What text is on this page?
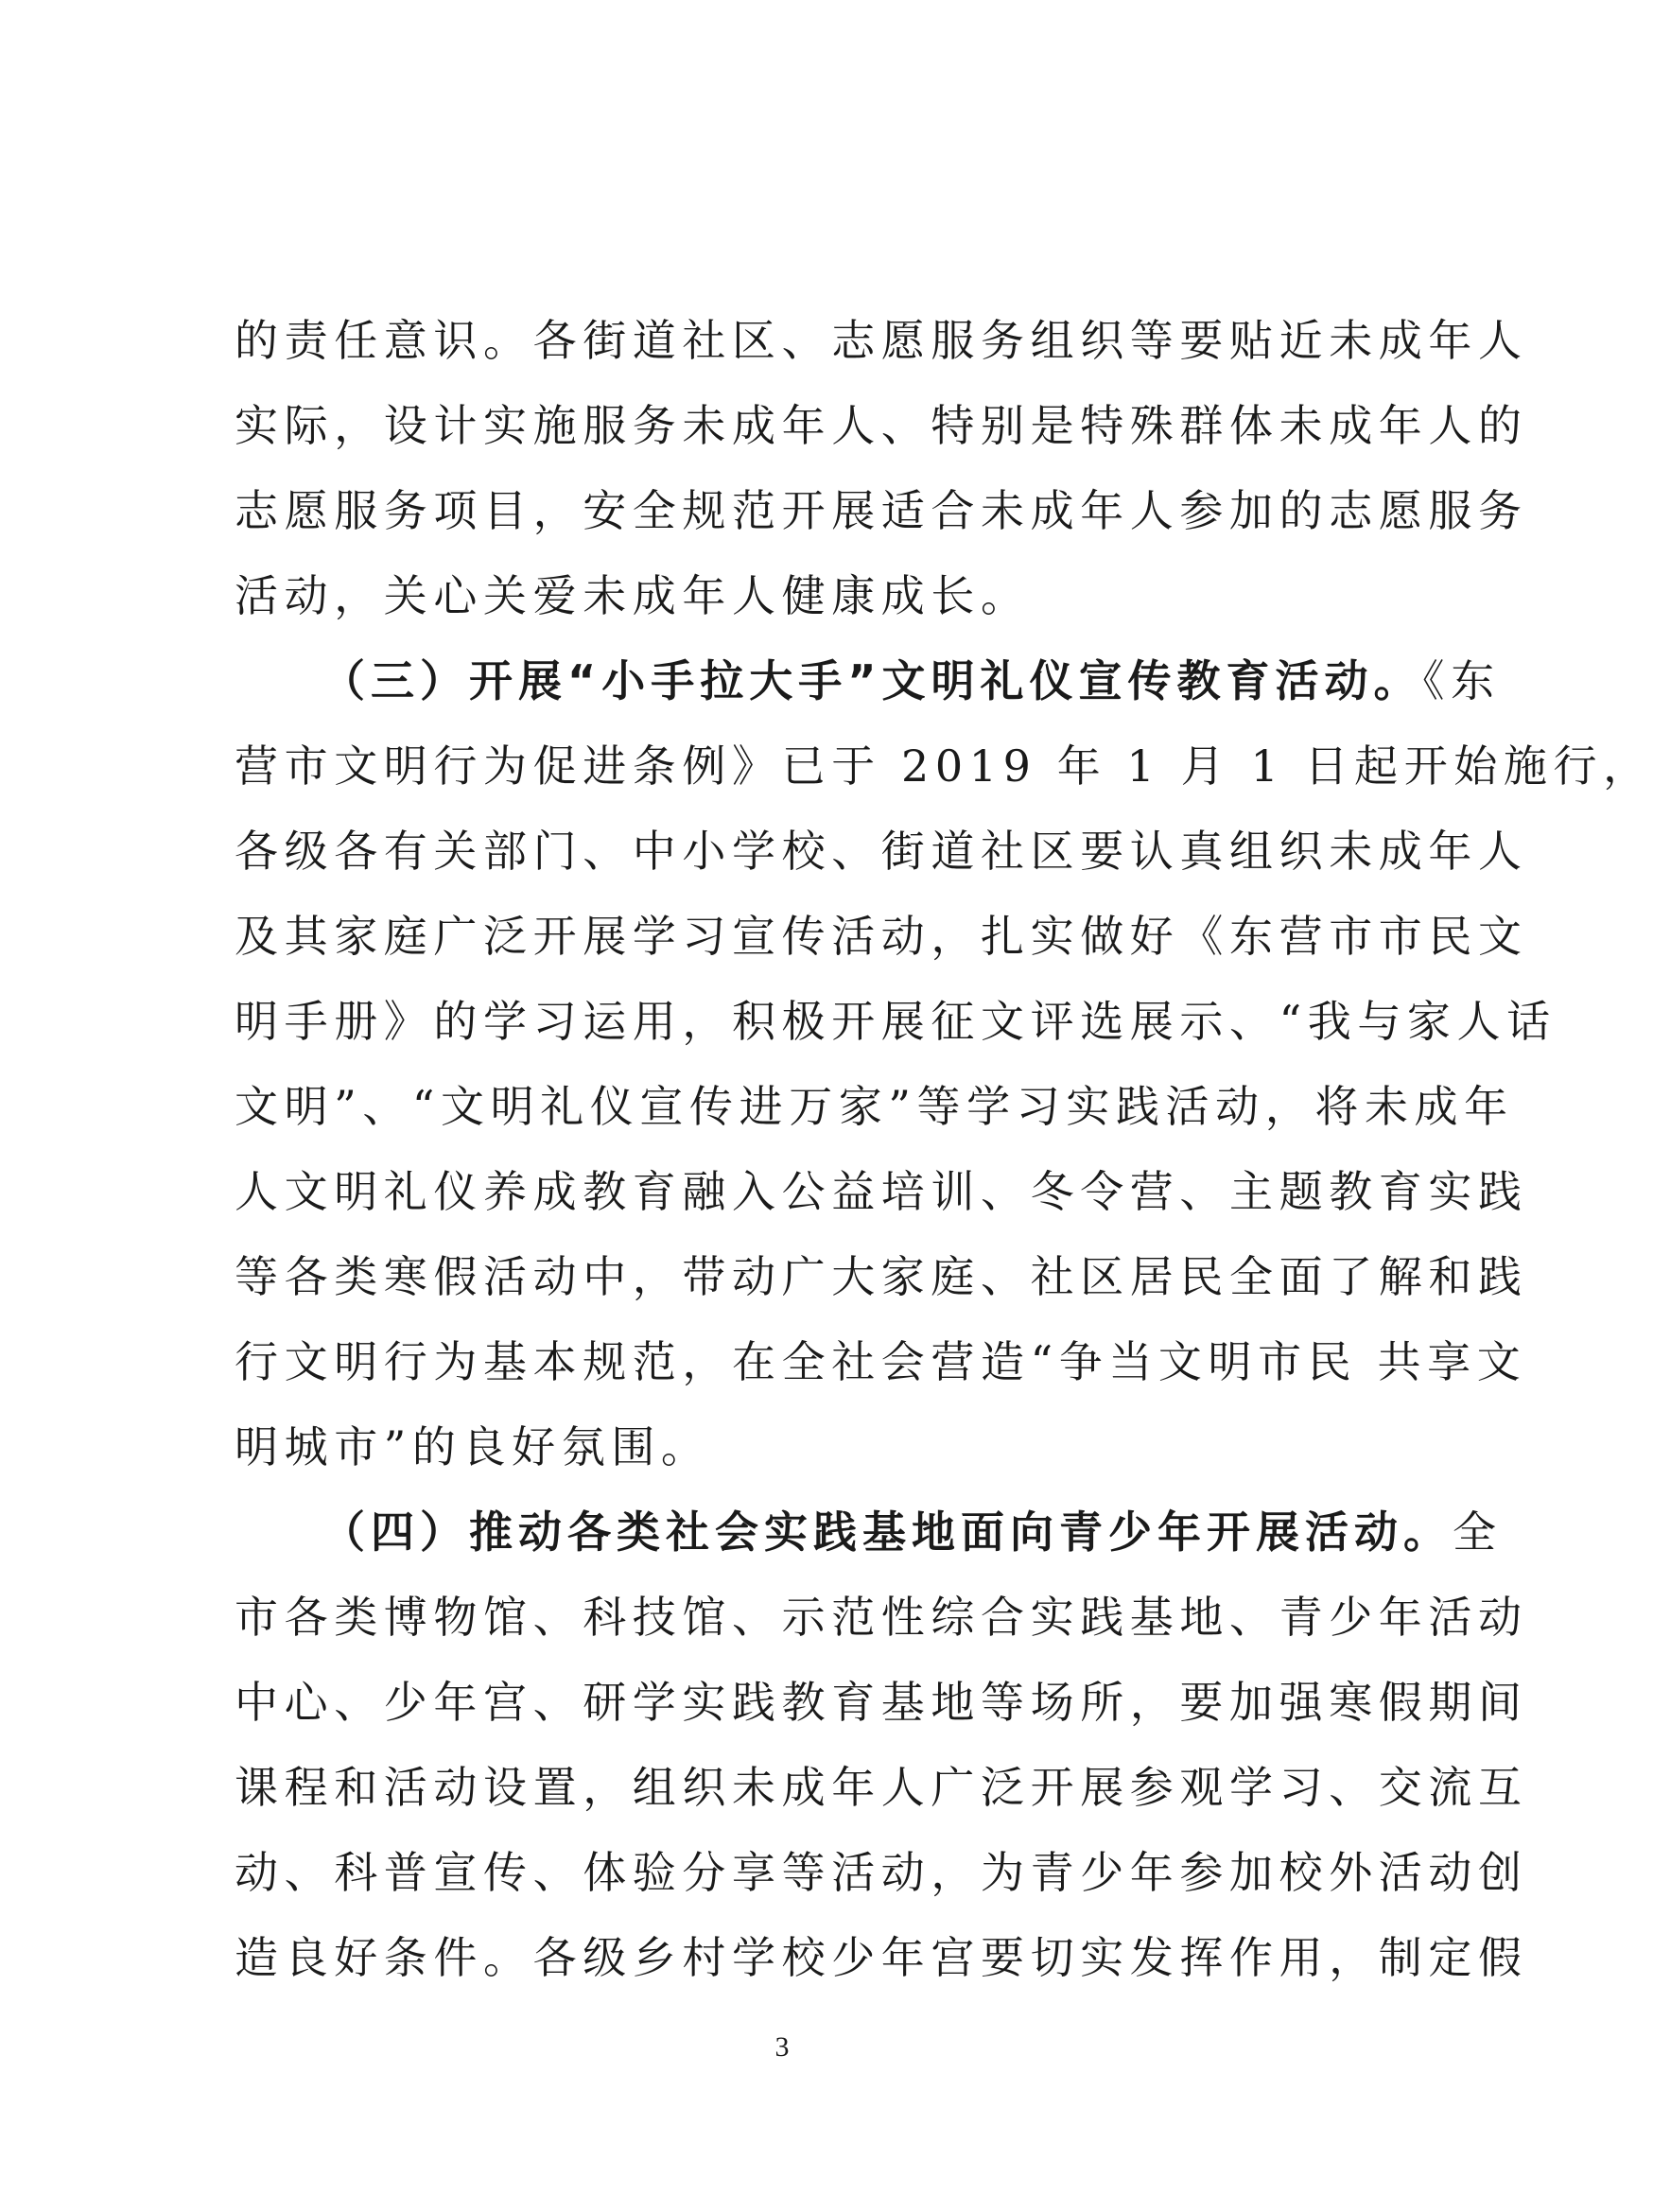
的责任意识。各街道社区、志愿服务组织等要贴近未成年人
实际，设计实施服务未成年人、特别是特殊群体未成年人的
志愿服务项目，安全规范开展适合未成年人参加的志愿服务
活动，关心关爱未成年人健康成长。
（三）开展“小手拉大手”文明礼仪宣传教育活动。《东
营市文明行为促进条例》已于 2019 年 1 月 1 日起开始施行，
各级各有关部门、中小学校、街道社区要认真组织未成年人
及其家庭广泛开展学习宣传活动，扎实做好《东营市市民文
明手册》的学习运用，积极开展征文评选展示、“我与家人话
文明”、“文明礼仪宣传进万家”等学习实践活动，将未成年
人文明礼仪养成教育融入公益培训、冬令营、主题教育实践
等各类寒假活动中，带动广大家庭、社区居民全面了解和践
行文明行为基本规范，在全社会营造“争当文明市民 共享文
明城市”的良好氛围。
（四）推动各类社会实践基地面向青少年开展活动。全
市各类博物馆、科技馆、示范性综合实践基地、青少年活动
中心、少年宫、研学实践教育基地等场所，要加强寒假期间
课程和活动设置，组织未成年人广泛开展参观学习、交流互
动、科普宣传、体验分享等活动，为青少年参加校外活动创
造良好条件。各级乡村学校少年宫要切实发挥作用，制定假
3
